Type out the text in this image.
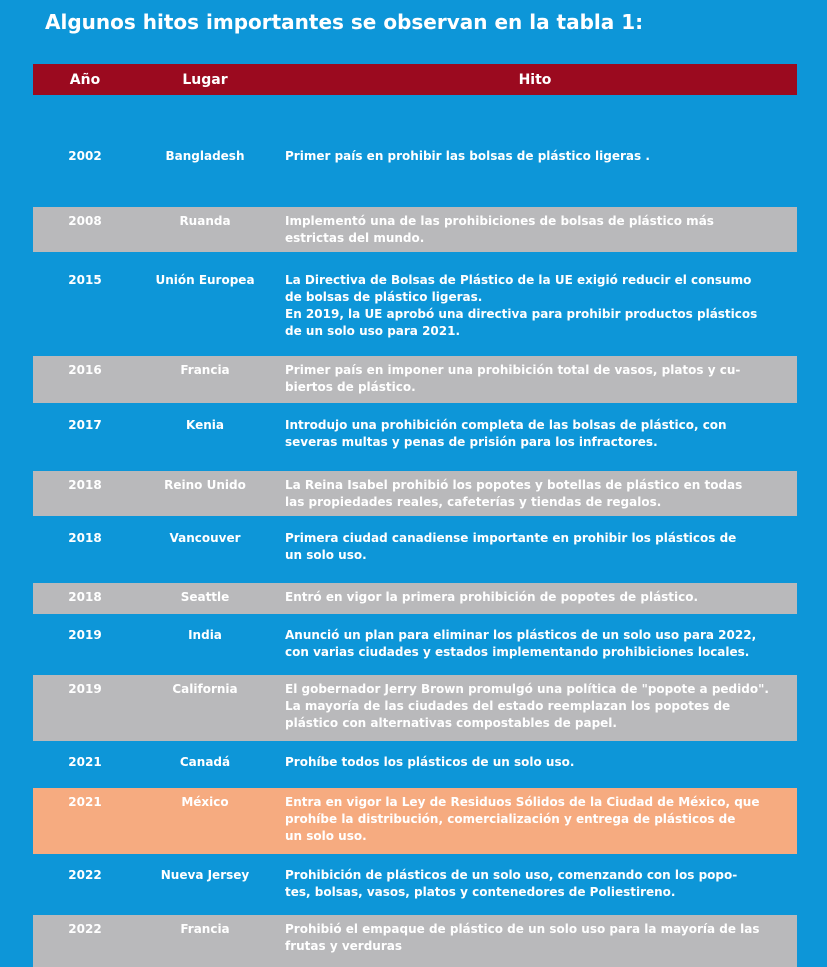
Algunos hitos importantes se observan en la tabla 1:
Año	Lugar	Hito
2002	Bangladesh	Primer país en prohibir las bolsas de plástico ligeras .
2008	Ruanda	Implementó una de las prohibiciones de bolsas de plástico más
estrictas del mundo.
2015	Unión Europea	La Directiva de Bolsas de Plástico de la UE exigió reducir el consumo
de bolsas de plástico ligeras.
En 2019, la UE aprobó una directiva para prohibir productos plásticos
de un solo uso para 2021.
2016	Francia	Primer país en imponer una prohibición total de vasos, platos y cu-
biertos de plástico.
2017	Kenia	Introdujo una prohibición completa de las bolsas de plástico, con
severas multas y penas de prisión para los infractores.
2018	Reino Unido	La Reina Isabel prohibió los popotes y botellas de plástico en todas
las propiedades reales, cafeterías y tiendas de regalos.
2018	Vancouver	Primera ciudad canadiense importante en prohibir los plásticos de
un solo uso.
2018	Seattle	Entró en vigor la primera prohibición de popotes de plástico.
2019	India	Anunció un plan para eliminar los plásticos de un solo uso para 2022,
con varias ciudades y estados implementando prohibiciones locales.
2019	California	El gobernador Jerry Brown promulgó una política de "popote a pedido".
La mayoría de las ciudades del estado reemplazan los popotes de
plástico con alternativas compostables de papel.
2021	Canadá	Prohíbe todos los plásticos de un solo uso.
2021	México	Entra en vigor la Ley de Residuos Sólidos de la Ciudad de México, que
prohíbe la distribución, comercialización y entrega de plásticos de
un solo uso.
2022	Nueva Jersey	Prohibición de plásticos de un solo uso, comenzando con los popo-
tes, bolsas, vasos, platos y contenedores de Poliestireno.
2022	Francia	Prohibió el empaque de plástico de un solo uso para la mayoría de las
frutas y verduras
